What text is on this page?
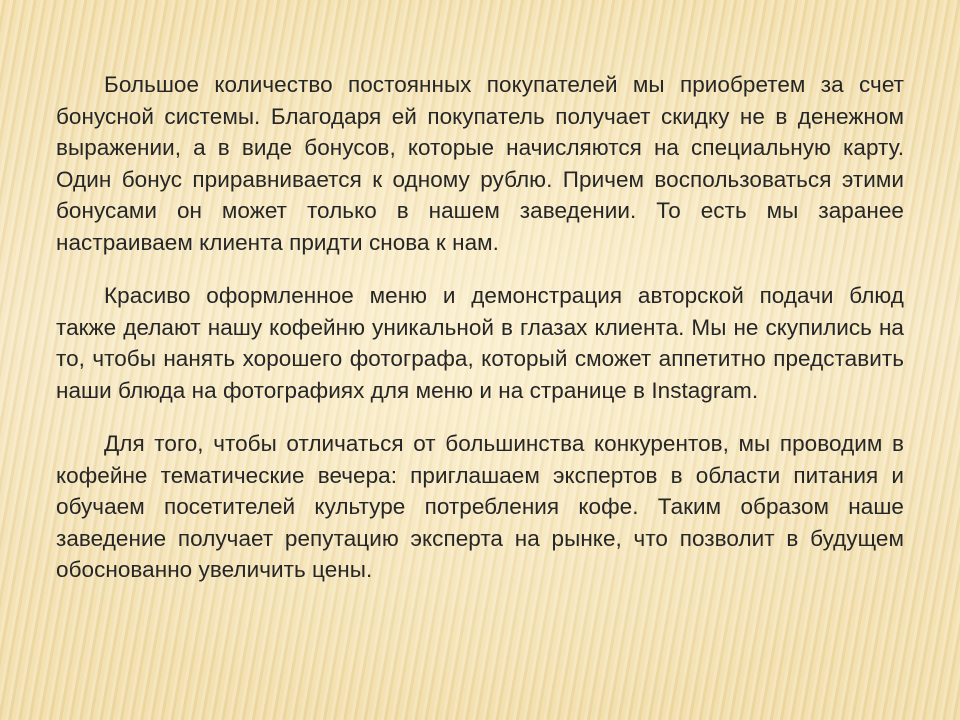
Большое количество постоянных покупателей мы приобретем за счет бонусной системы. Благодаря ей покупатель получает скидку не в денежном выражении, а в виде бонусов, которые начисляются на специальную карту. Один бонус приравнивается к одному рублю. Причем воспользоваться этими бонусами он может только в нашем заведении. То есть мы заранее настраиваем клиента придти снова к нам.

Красиво оформленное меню и демонстрация авторской подачи блюд также делают нашу кофейню уникальной в глазах клиента. Мы не скупились на то, чтобы нанять хорошего фотографа, который сможет аппетитно представить наши блюда на фотографиях для меню и на странице в Instagram.

Для того, чтобы отличаться от большинства конкурентов, мы проводим в кофейне тематические вечера: приглашаем экспертов в области питания и обучаем посетителей культуре потребления кофе. Таким образом наше заведение получает репутацию эксперта на рынке, что позволит в будущем обоснованно увеличить цены.
